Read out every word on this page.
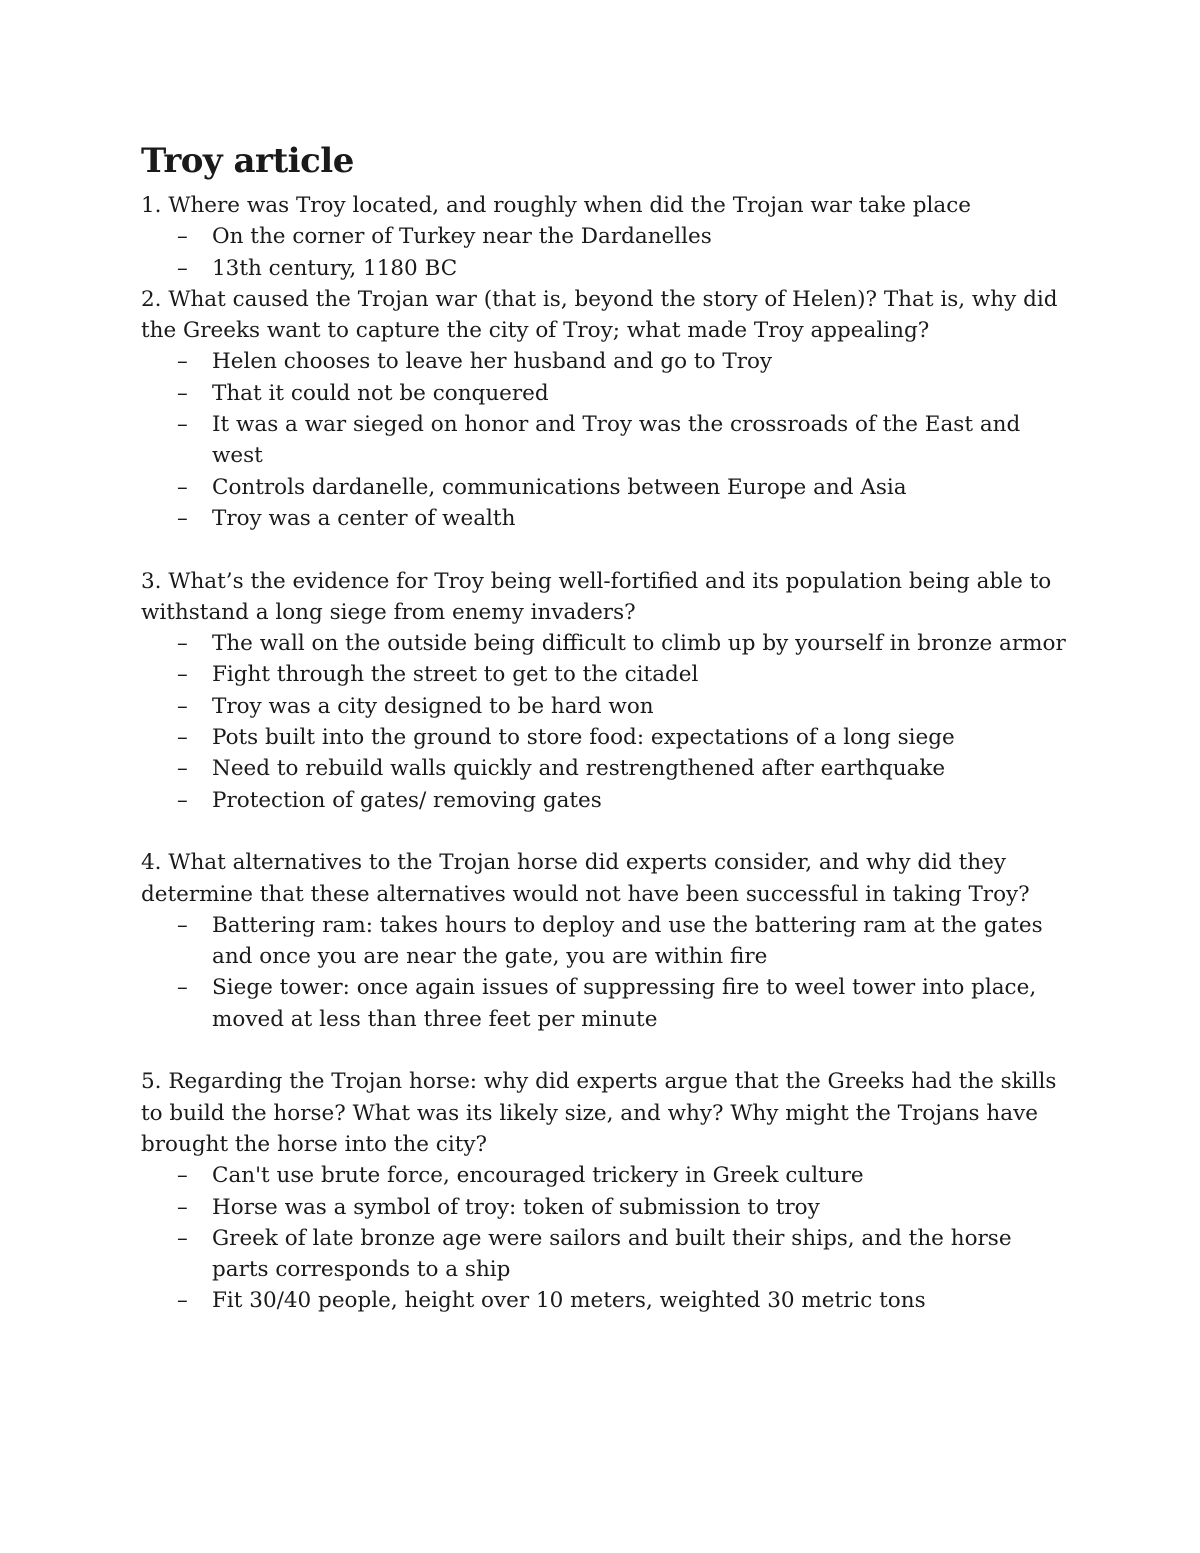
Troy article

1. Where was Troy located, and roughly when did the Trojan war take place

– On the corner of Turkey near the Dardanelles
– 13th century, 1180 BC

2. What caused the Trojan war (that is, beyond the story of Helen)? That is, why did the Greeks want to capture the city of Troy; what made Troy appealing?

– Helen chooses to leave her husband and go to Troy
– That it could not be conquered
– It was a war sieged on honor and Troy was the crossroads of the East and west
– Controls dardanelle, communications between Europe and Asia
– Troy was a center of wealth

3. What’s the evidence for Troy being well-fortified and its population being able to withstand a long siege from enemy invaders?

– The wall on the outside being difficult to climb up by yourself in bronze armor
– Fight through the street to get to the citadel
– Troy was a city designed to be hard won
– Pots built into the ground to store food: expectations of a long siege
– Need to rebuild walls quickly and restrengthened after earthquake
– Protection of gates/ removing gates

4. What alternatives to the Trojan horse did experts consider, and why did they determine that these alternatives would not have been successful in taking Troy?

– Battering ram: takes hours to deploy and use the battering ram at the gates and once you are near the gate, you are within fire
– Siege tower: once again issues of suppressing fire to weel tower into place, moved at less than three feet per minute

5. Regarding the Trojan horse: why did experts argue that the Greeks had the skills to build the horse? What was its likely size, and why? Why might the Trojans have brought the horse into the city?

– Can't use brute force, encouraged trickery in Greek culture
– Horse was a symbol of troy: token of submission to troy
– Greek of late bronze age were sailors and built their ships, and the horse parts corresponds to a ship
– Fit 30/40 people, height over 10 meters, weighted 30 metric tons
